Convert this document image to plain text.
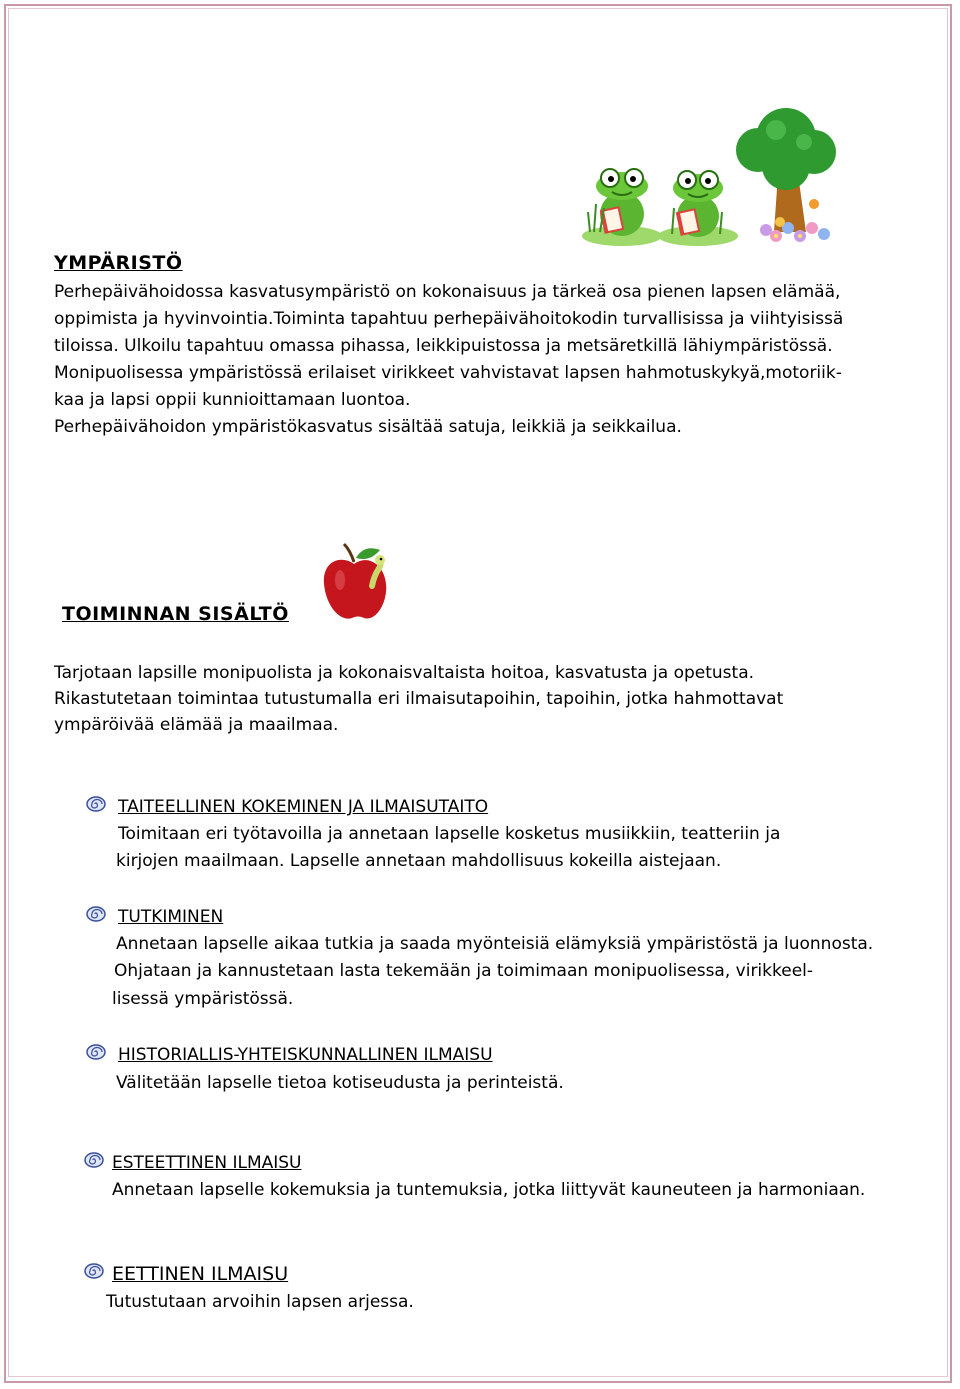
YMPÄRISTÖ
Perhepäivähoidossa kasvatusympäristö on kokonaisuus ja tärkeä osa pienen lapsen elämää,
oppimista ja hyvinvointia.Toiminta tapahtuu perhepäivähoitokodin turvallisissa ja viihtyisissä
tiloissa. Ulkoilu tapahtuu omassa pihassa, leikkipuistossa ja metsäretkillä lähiympäristössä.
Monipuolisessa ympäristössä erilaiset virikkeet vahvistavat lapsen hahmotuskykyä,motoriik-
kaa ja lapsi oppii kunnioittamaan luontoa.
Perhepäivähoidon ympäristökasvatus sisältää satuja, leikkiä ja seikkailua.
TOIMINNAN SISÄLTÖ
Tarjotaan lapsille monipuolista ja kokonaisvaltaista hoitoa, kasvatusta ja opetusta.
Rikastutetaan toimintaa tutustumalla eri ilmaisutapoihin, tapoihin, jotka hahmottavat
ympäröivää elämää ja maailmaa.
TAITEELLINEN KOKEMINEN JA ILMAISUTAITO
Toimitaan eri työtavoilla ja annetaan lapselle kosketus musiikkiin, teatteriin ja
kirjojen maailmaan. Lapselle annetaan mahdollisuus kokeilla aistejaan.
TUTKIMINEN
Annetaan lapselle aikaa tutkia ja saada myönteisiä elämyksiä ympäristöstä ja luonnosta.
Ohjataan ja kannustetaan lasta tekemään ja toimimaan monipuolisessa, virikkeel-
lisessä ympäristössä.
HISTORIALLIS-YHTEISKUNNALLINEN ILMAISU
Välitetään lapselle tietoa kotiseudusta ja perinteistä.
ESTEETTINEN ILMAISU
Annetaan lapselle kokemuksia ja tuntemuksia, jotka liittyvät kauneuteen ja harmoniaan.
EETTINEN ILMAISU
Tutustutaan arvoihin lapsen arjessa.
